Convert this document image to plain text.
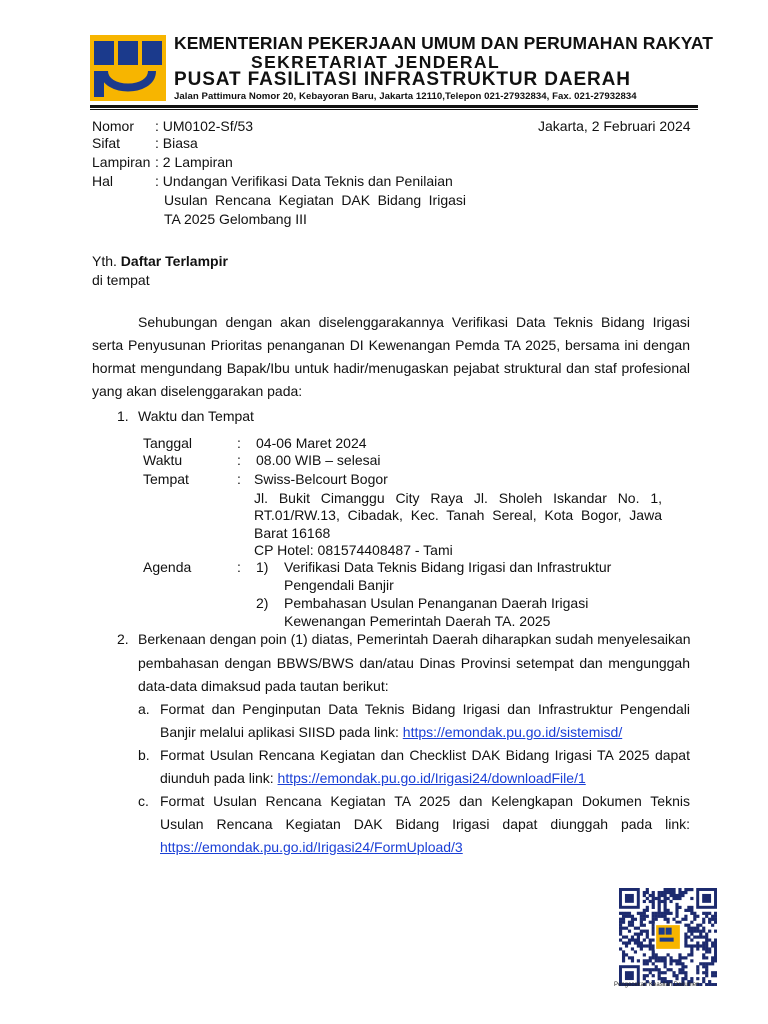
KEMENTERIAN PEKERJAAN UMUM DAN PERUMAHAN RAKYAT
SEKRETARIAT JENDERAL
PUSAT FASILITASI INFRASTRUKTUR DAERAH
Jalan Pattimura Nomor 20, Kebayoran Baru, Jakarta 12110,Telepon 021-27932834, Fax. 021-27932834
Nomor : UM0102-Sf/53	Jakarta, 2 Februari 2024
Sifat : Biasa
Lampiran : 2 Lampiran
Hal	: Undangan Verifikasi Data Teknis dan Penilaian
Usulan Rencana Kegiatan DAK Bidang Irigasi
TA 2025 Gelombang III
Yth. Daftar Terlampir
di tempat
Sehubungan dengan akan diselenggarakannya Verifikasi Data Teknis Bidang Irigasi
serta Penyusunan Prioritas penanganan DI Kewenangan Pemda TA 2025, bersama ini dengan
hormat mengundang Bapak/Ibu untuk hadir/menugaskan pejabat struktural dan staf profesional
yang akan diselenggarakan pada:
1. Waktu dan Tempat
Tanggal	: 04-06 Maret 2024
Waktu	: 08.00 WIB – selesai
Tempat	: Swiss-Belcourt Bogor
Jl. Bukit Cimanggu City Raya Jl. Sholeh Iskandar No. 1,
RT.01/RW.13, Cibadak, Kec. Tanah Sereal, Kota Bogor, Jawa
Barat 16168
CP Hotel: 081574408487 - Tami
Agenda	: 1) Verifikasi Data Teknis Bidang Irigasi dan Infrastruktur
Pengendali Banjir
2) Pembahasan Usulan Penanganan Daerah Irigasi
Kewenangan Pemerintah Daerah TA. 2025
2. Berkenaan dengan poin (1) diatas, Pemerintah Daerah diharapkan sudah menyelesaikan
pembahasan dengan BBWS/BWS dan/atau Dinas Provinsi setempat dan mengunggah
data-data dimaksud pada tautan berikut:
a. Format dan Penginputan Data Teknis Bidang Irigasi dan Infrastruktur Pengendali
Banjir melalui aplikasi SIISD pada link: https://emondak.pu.go.id/sistemisd/
b. Format Usulan Rencana Kegiatan dan Checklist DAK Bidang Irigasi TA 2025 dapat
diunduh pada link: https://emondak.pu.go.id/Irigasi24/downloadFile/1
c. Format Usulan Rencana Kegiatan TA 2025 dan Kelengkapan Dokumen Teknis
Usulan Rencana Kegiatan DAK Bidang Irigasi dapat diunggah pada link:
https://emondak.pu.go.id/Irigasi24/FormUpload/3
Pengecekan Keaslian Dokumen
